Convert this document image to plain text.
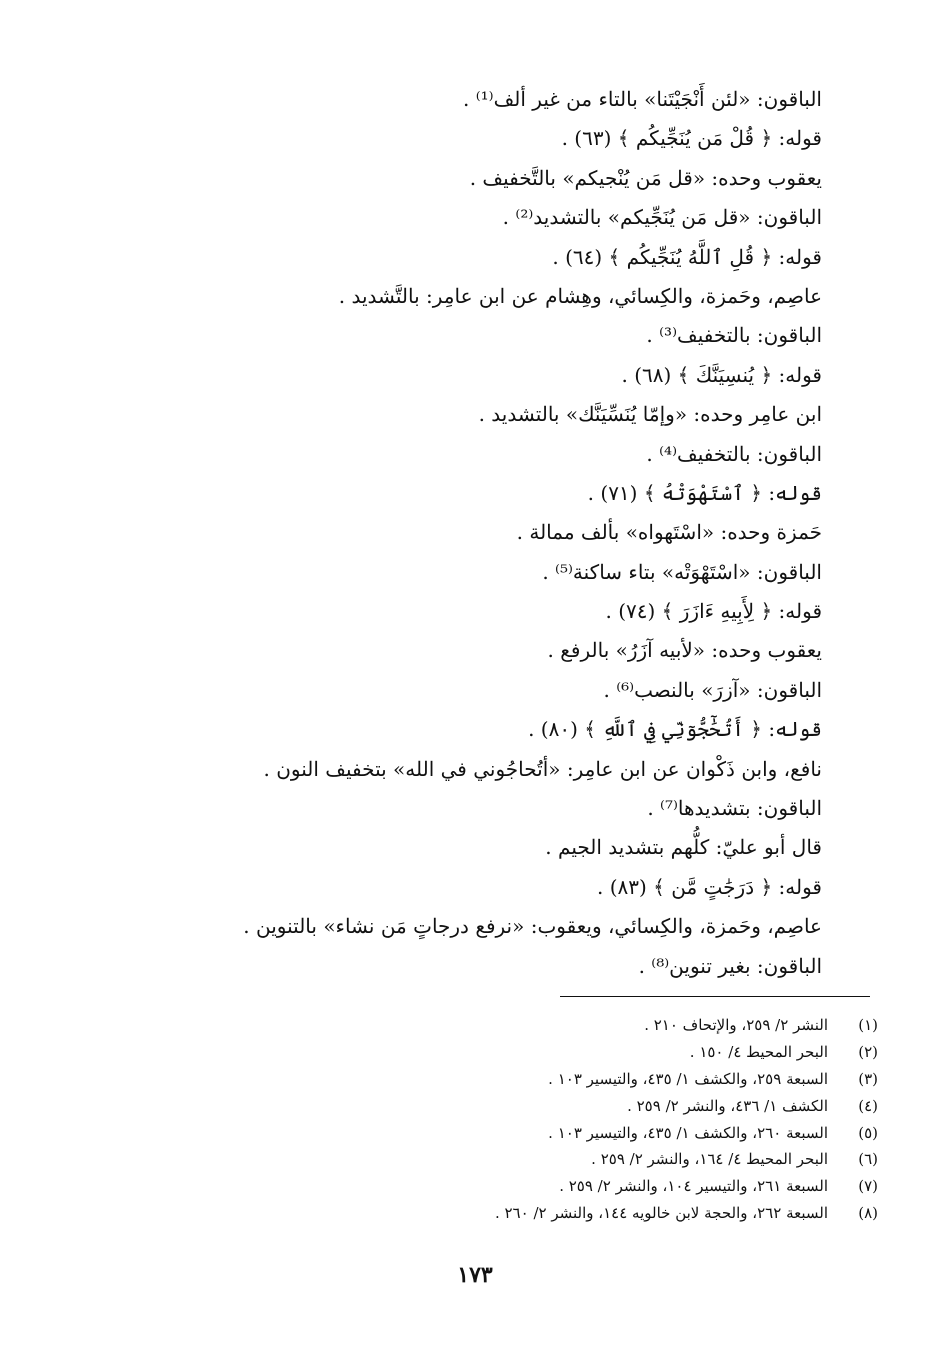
الباقون: «لئن أَنْجَيْتَنا» بالتاء من غير ألف⁽¹⁾ .
قوله: ﴿ قُلْ مَن يُنَجِّيكُم ﴾ (٦٣) .
يعقوب وحده: «قل مَن يُنْجيكم» بالتَّخفيف .
الباقون: «قل مَن يُنَجِّيكم» بالتشديد⁽²⁾ .
قوله: ﴿ قُلِ ٱللَّهُ يُنَجِّيكُم ﴾ (٦٤) .
عاصِم، وحَمزة، والكِسائي، وهِشام عن ابن عامِر: بالتَّشديد .
الباقون: بالتخفيف⁽³⁾ .
قوله: ﴿ يُنسِيَنَّكَ ﴾ (٦٨) .
ابن عامِر وحده: «وإمّا يُنَسِّيَنَّك» بالتشديد .
الباقون: بالتخفيف⁽⁴⁾ .
قوله: ﴿ ٱسْتَهْوَتْهُ ﴾ (٧١) .
حَمزة وحده: «اسْتَهواه» بألف ممالة .
الباقون: «اسْتَهْوَتْه» بتاء ساكنة⁽⁵⁾ .
قوله: ﴿ لِأَبِيهِ ءَازَرَ ﴾ (٧٤) .
يعقوب وحده: «لأبيه آزَرُ» بالرفع .
الباقون: «آزرَ» بالنصب⁽⁶⁾ .
قوله: ﴿ أَتُحَٰٓجُّوٓنِّي فِي ٱللَّهِ ﴾ (٨٠) .
نافع، وابن ذَكْوان عن ابن عامِر: «أتُحاجُوني في الله» بتخفيف النون .
الباقون: بتشديدها⁽⁷⁾ .
قال أبو عليّ: كلُّهم بتشديد الجيم .
قوله: ﴿ دَرَجَٰتٍ مَّن ﴾ (٨٣) .
عاصِم، وحَمزة، والكِسائي، ويعقوب: «نرفع درجاتٍ مَن نشاء» بالتنوين .
الباقون: بغير تنوين⁽⁸⁾ .
(١)
النشر ٢/ ٢٥٩، والإتحاف ٢١٠ .
(٢)
البحر المحيط ٤/ ١٥٠ .
(٣)
السبعة ٢٥٩، والكشف ١/ ٤٣٥، والتيسير ١٠٣ .
(٤)
الكشف ١/ ٤٣٦، والنشر ٢/ ٢٥٩ .
(٥)
السبعة ٢٦٠، والكشف ١/ ٤٣٥، والتيسير ١٠٣ .
(٦)
البحر المحيط ٤/ ١٦٤، والنشر ٢/ ٢٥٩ .
(٧)
السبعة ٢٦١، والتيسير ١٠٤، والنشر ٢/ ٢٥٩ .
(٨)
السبعة ٢٦٢، والحجة لابن خالويه ١٤٤، والنشر ٢/ ٢٦٠ .
١٧٣
